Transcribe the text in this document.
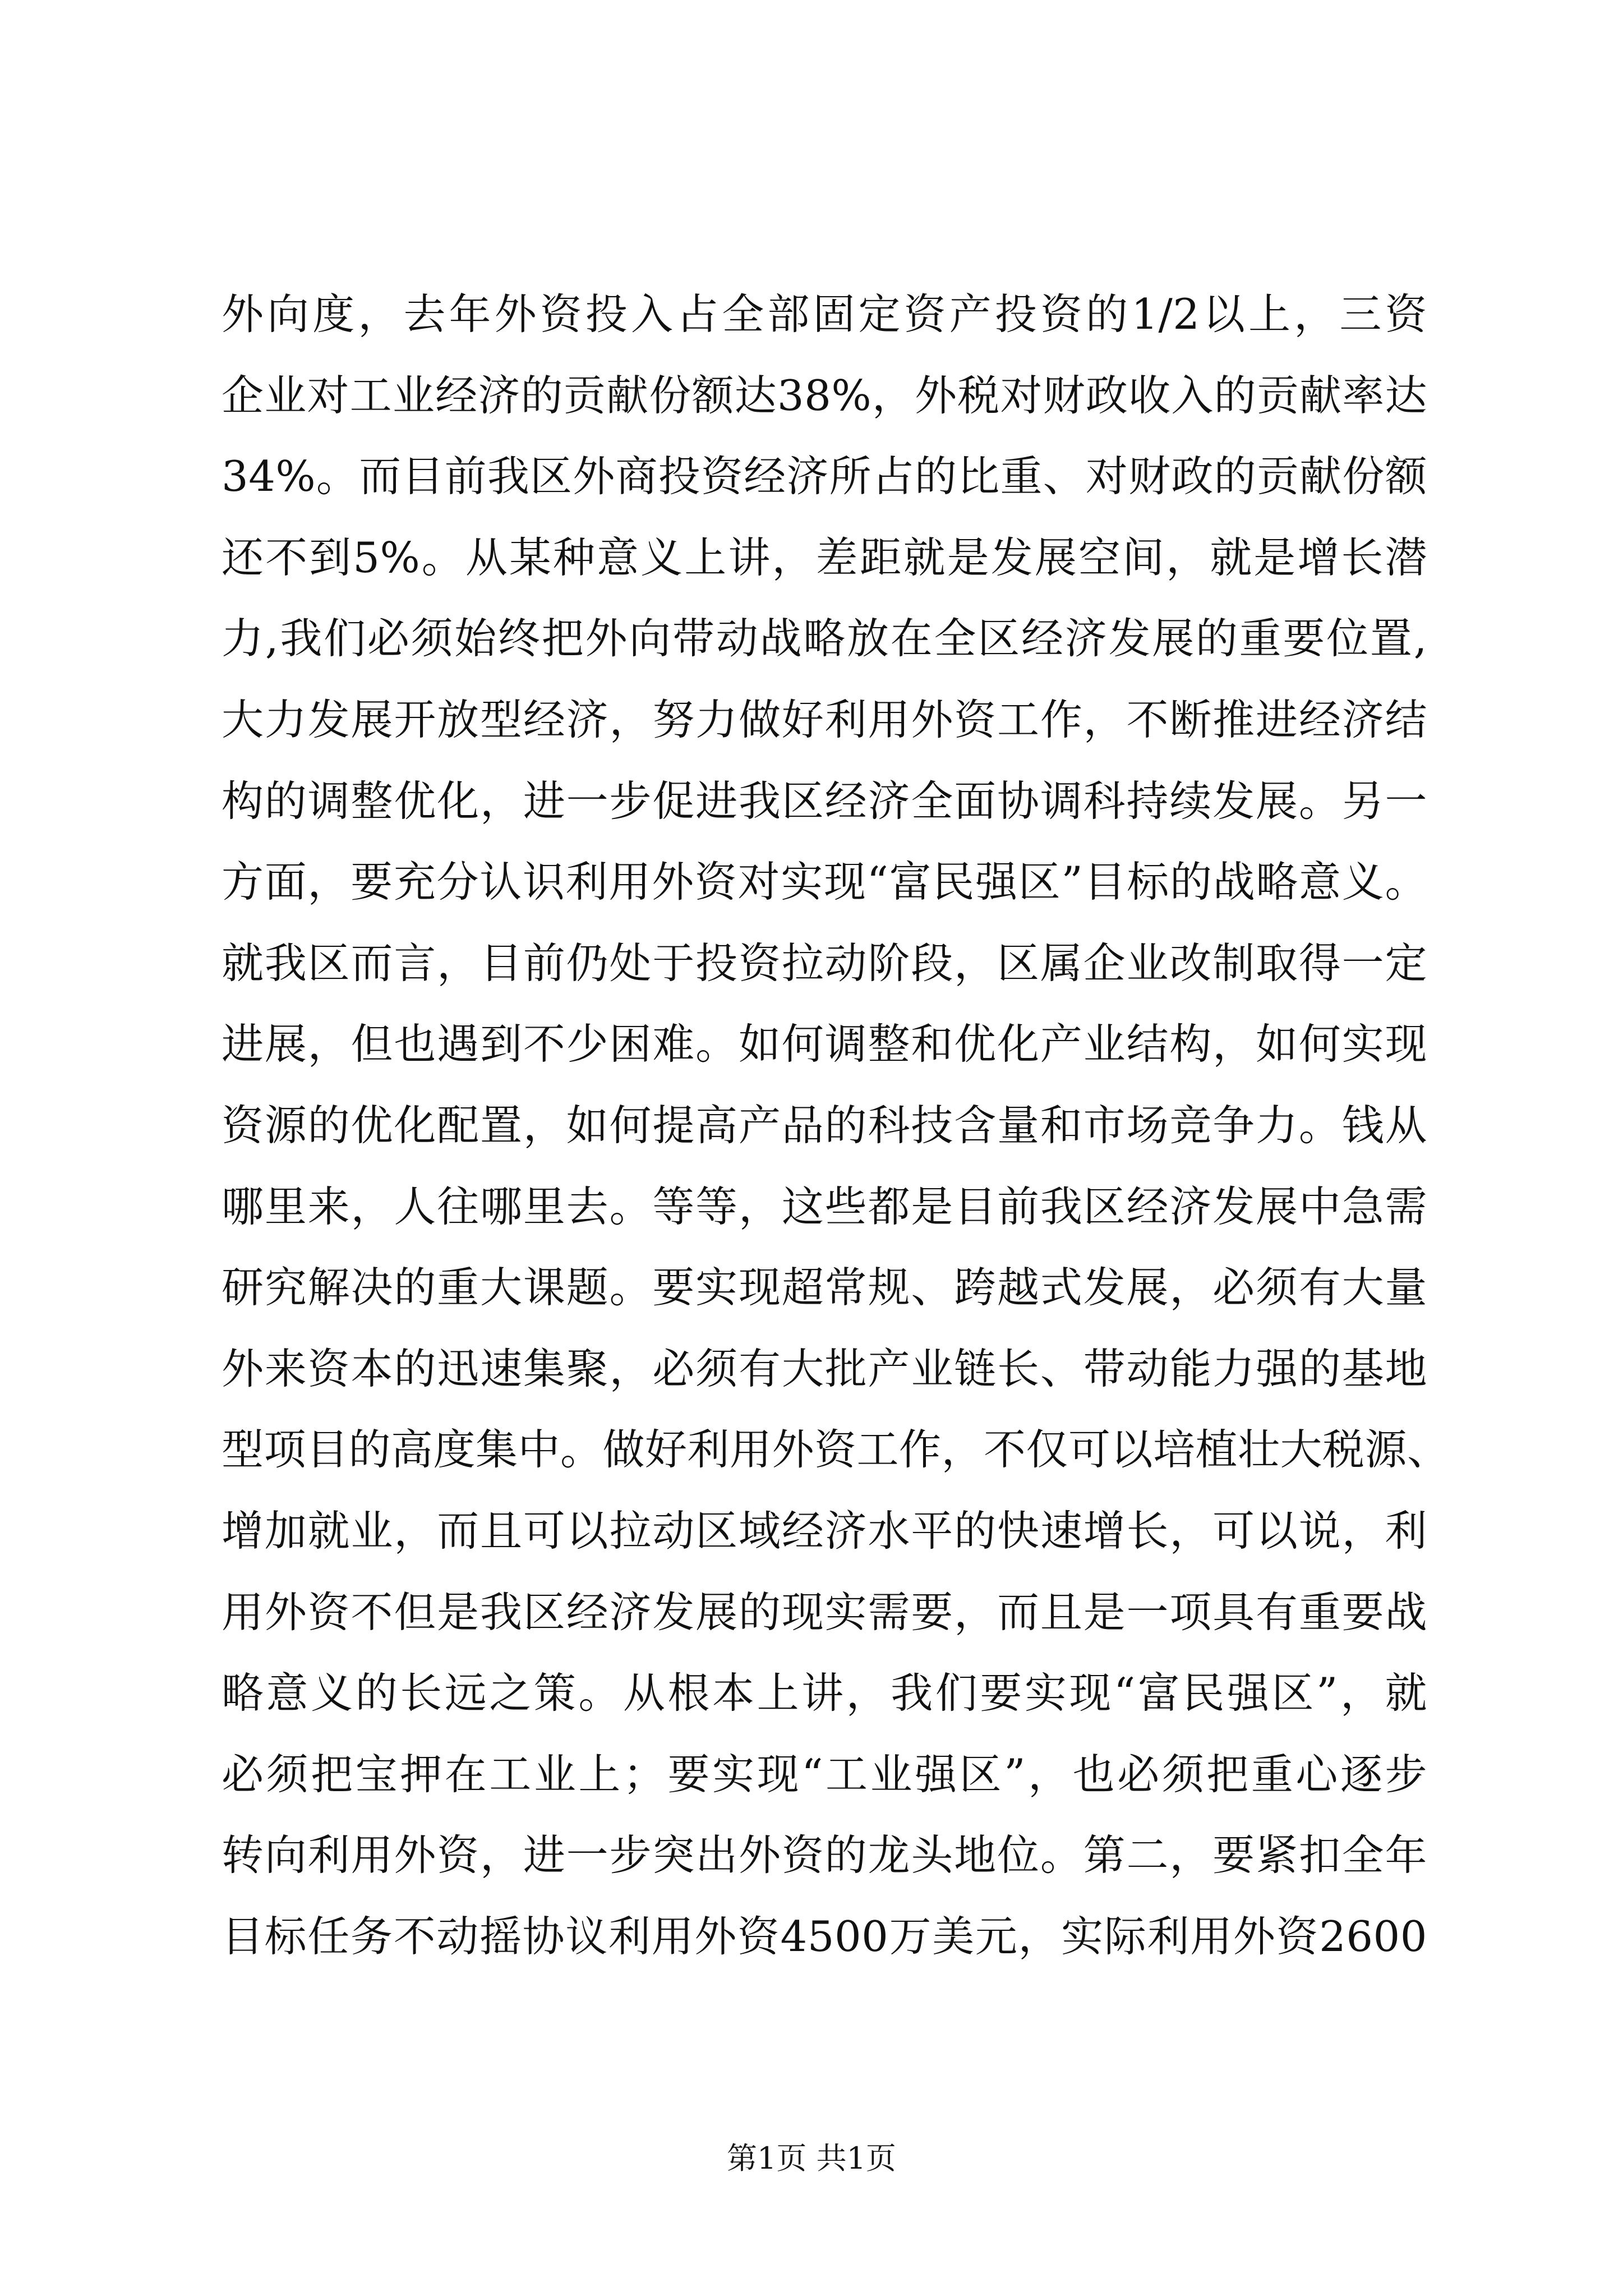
外向度，去年外资投入占全部固定资产投资的1/2以上，三资
企业对工业经济的贡献份额达38%，外税对财政收入的贡献率达
34%。而目前我区外商投资经济所占的比重、对财政的贡献份额
还不到5%。从某种意义上讲，差距就是发展空间，就是增长潜
力,我们必须始终把外向带动战略放在全区经济发展的重要位置,
大力发展开放型经济，努力做好利用外资工作，不断推进经济结
构的调整优化，进一步促进我区经济全面协调科持续发展。另一
方面，要充分认识利用外资对实现“富民强区”目标的战略意义。
就我区而言，目前仍处于投资拉动阶段，区属企业改制取得一定
进展，但也遇到不少困难。如何调整和优化产业结构，如何实现
资源的优化配置，如何提高产品的科技含量和市场竞争力。钱从
哪里来，人往哪里去。等等，这些都是目前我区经济发展中急需
研究解决的重大课题。要实现超常规、跨越式发展，必须有大量
外来资本的迅速集聚，必须有大批产业链长、带动能力强的基地
型项目的高度集中。做好利用外资工作，不仅可以培植壮大税源、
增加就业，而且可以拉动区域经济水平的快速增长，可以说，利
用外资不但是我区经济发展的现实需要，而且是一项具有重要战
略意义的长远之策。从根本上讲，我们要实现“富民强区”，就
必须把宝押在工业上；要实现“工业强区”，也必须把重心逐步
转向利用外资，进一步突出外资的龙头地位。第二，要紧扣全年
目标任务不动摇协议利用外资4500万美元，实际利用外资2600
第1页 共1页
